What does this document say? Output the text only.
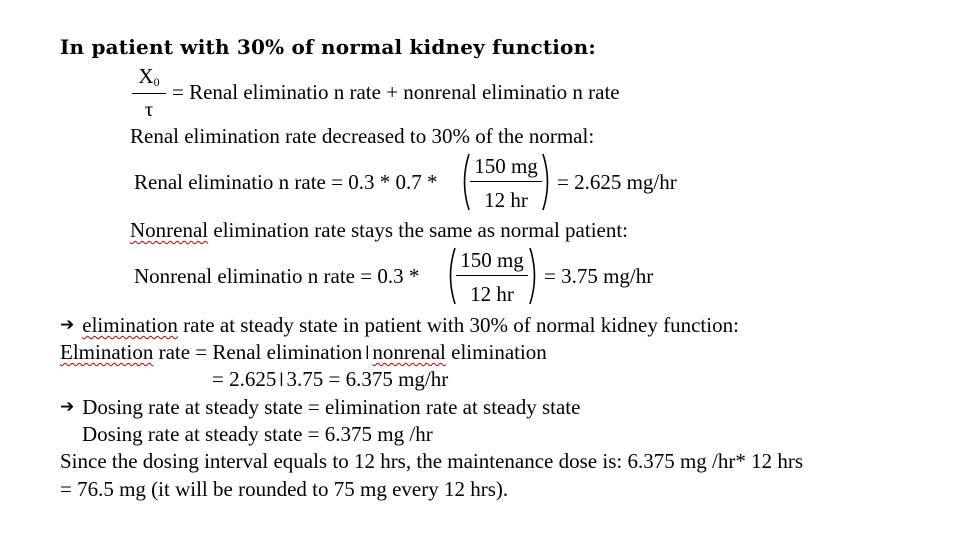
In patient with 30% of normal kidney function:
X0
τ
= Renal eliminatio n rate + nonrenal eliminatio n rate
Renal elimination rate decreased to 30% of the normal:
Renal eliminatio n rate = 0.3 * 0.7 *
150 mg
12 hr
= 2.625 mg/hr
Nonrenal elimination rate stays the same as normal patient:
Nonrenal eliminatio n rate = 0.3 *
150 mg
12 hr
= 3.75 mg/hr
➔ elimination rate at steady state in patient with 30% of normal kidney function:
Elmination rate = Renal elimination ǀ nonrenal elimination
= 2.625 ǀ 3.75 = 6.375 mg/hr
➔ Dosing rate at steady state = elimination rate at steady state
Dosing rate at steady state = 6.375 mg /hr
Since the dosing interval equals to 12 hrs, the maintenance dose is: 6.375 mg /hr* 12 hrs
= 76.5 mg (it will be rounded to 75 mg every 12 hrs).
